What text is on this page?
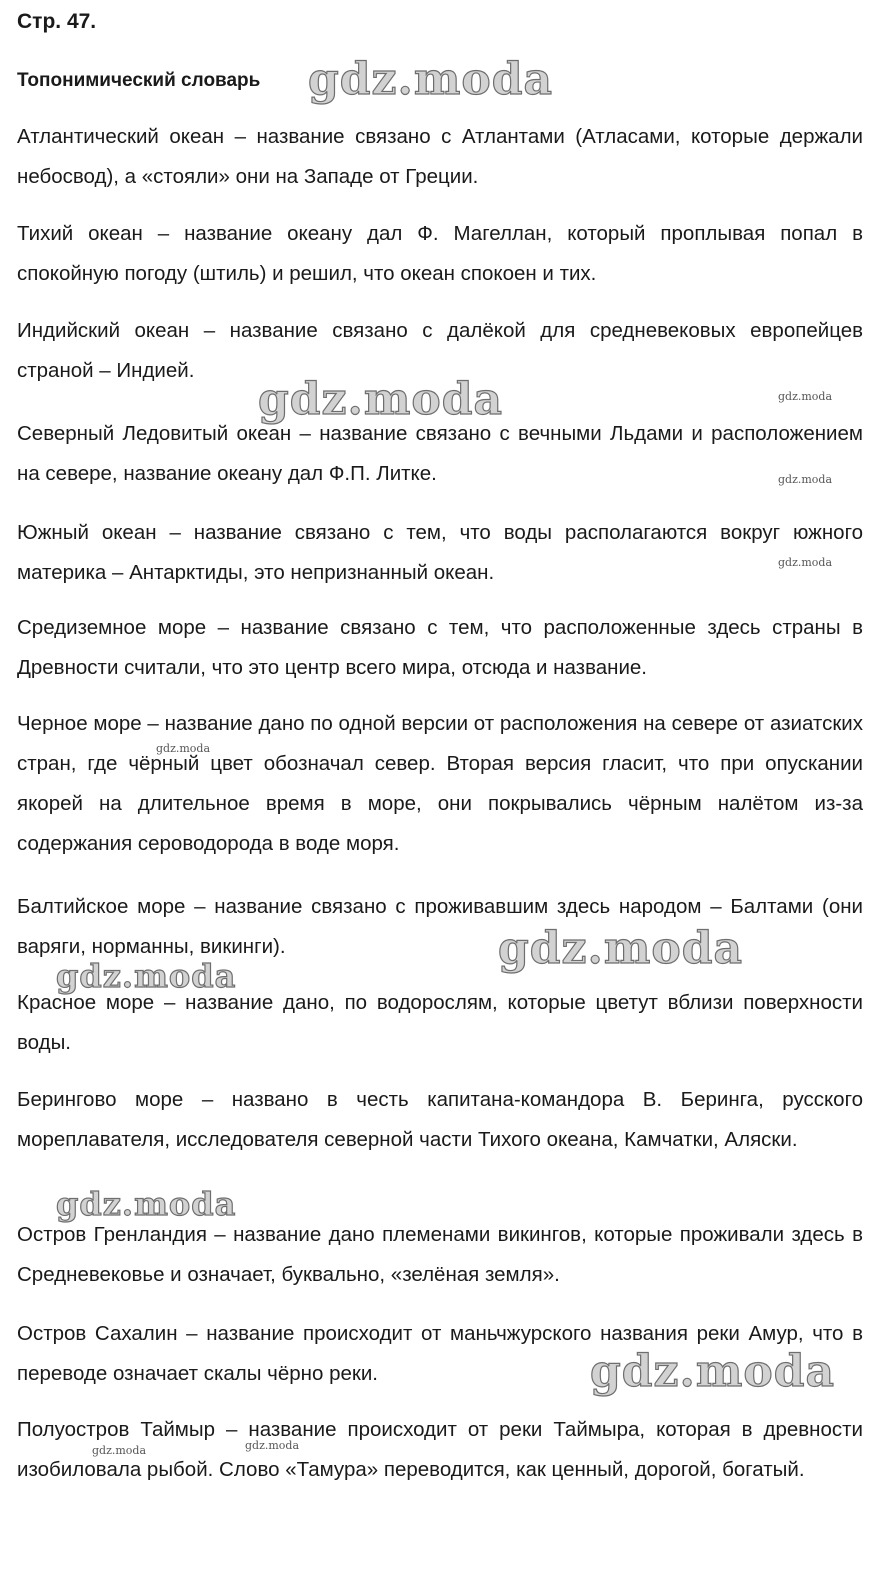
Стр. 47.
Топонимический словарь

Атлантический океан – название связано с Атлантами (Атласами, которые держали небосвод), а «стояли» они на Западе от Греции.

Тихий океан – название океану дал Ф. Магеллан, который проплывая попал в спокойную погоду (штиль) и решил, что океан спокоен и тих.

Индийский океан – название связано с далёкой для средневековых европейцев страной – Индией.

Северный Ледовитый океан – название связано с вечными Льдами и расположением на севере, название океану дал Ф.П. Литке.

Южный океан – название связано с тем, что воды располагаются вокруг южного материка – Антарктиды, это непризнанный океан.

Средиземное море – название связано с тем, что расположенные здесь страны в Древности считали, что это центр всего мира, отсюда и название.

Черное море – название дано по одной версии от расположения на севере от азиатских стран, где чёрный цвет обозначал север. Вторая версия гласит, что при опускании якорей на длительное время в море, они покрывались чёрным налётом из-за содержания сероводорода в воде моря.

Балтийское море – название связано с проживавшим здесь народом – Балтами (они варяги, норманны, викинги).

Красное море – название дано, по водорослям, которые цветут вблизи поверхности воды.

Берингово море – названо в честь капитана-командора В. Беринга, русского мореплавателя, исследователя северной части Тихого океана, Камчатки, Аляски.

Остров Гренландия – название дано племенами викингов, которые проживали здесь в Средневековье и означает, буквально, «зелёная земля».

Остров Сахалин – название происходит от маньчжурского названия реки Амур, что в переводе означает скалы чёрно реки.

Полуостров Таймыр – название происходит от реки Таймыра, которая в древности изобиловала рыбой. Слово «Тамура» переводится, как ценный, дорогой, богатый.

gdz.moda
gdz.moda	gdz.moda
gdz.moda
gdz.moda
gdz.moda
gdz.moda
gdz.moda
gdz.moda
gdz.moda
gdz.moda	gdz.moda
